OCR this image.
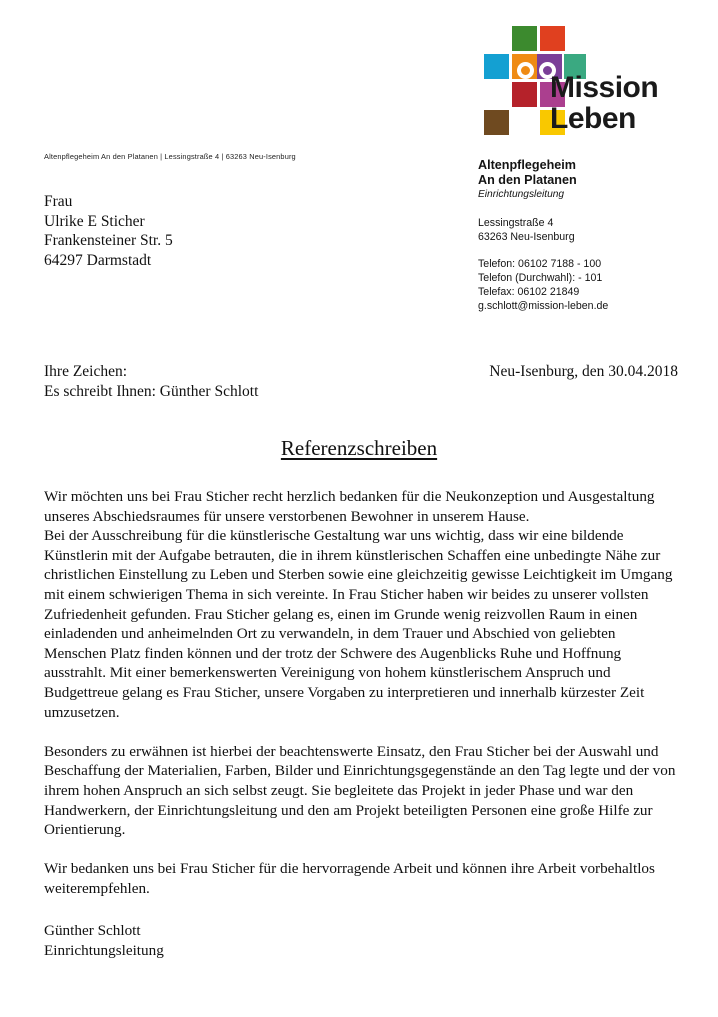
Mission
Leben
Altenpflegeheim An den Platanen | Lessingstraße 4 | 63263 Neu-Isenburg
Frau
Ulrike E Sticher
Frankensteiner Str. 5
64297 Darmstadt
Altenpflegeheim
An den Platanen
Einrichtungsleitung
Lessingstraße 4
63263 Neu-Isenburg
Telefon: 06102 7188 - 100
Telefon (Durchwahl): - 101
Telefax: 06102 21849
g.schlott@mission-leben.de
Ihre Zeichen:	Neu-Isenburg, den 30.04.2018
Es schreibt Ihnen: Günther Schlott
Referenzschreiben

Wir möchten uns bei Frau Sticher recht herzlich bedanken für die Neukonzeption und Ausgestaltung unseres Abschiedsraumes für unsere verstorbenen Bewohner in unserem Hause.

Bei der Ausschreibung für die künstlerische Gestaltung war uns wichtig, dass wir eine bildende Künstlerin mit der Aufgabe betrauten, die in ihrem künstlerischen Schaffen eine unbedingte Nähe zur christlichen Einstellung zu Leben und Sterben sowie eine gleichzeitig gewisse Leichtigkeit im Umgang mit einem schwierigen Thema in sich vereinte. In Frau Sticher haben wir beides zu unserer vollsten Zufriedenheit gefunden. Frau Sticher gelang es, einen im Grunde wenig reizvollen Raum in einen einladenden und anheimelnden Ort zu verwandeln, in dem Trauer und Abschied von geliebten Menschen Platz finden können und der trotz der Schwere des Augenblicks Ruhe und Hoffnung ausstrahlt. Mit einer bemerkenswerten Vereinigung von hohem künstlerischem Anspruch und Budgettreue gelang es Frau Sticher, unsere Vorgaben zu interpretieren und innerhalb kürzester Zeit umzusetzen.

Besonders zu erwähnen ist hierbei der beachtenswerte Einsatz, den Frau Sticher bei der Auswahl und Beschaffung der Materialien, Farben, Bilder und Einrichtungsgegenstände an den Tag legte und der von ihrem hohen Anspruch an sich selbst zeugt. Sie begleitete das Projekt in jeder Phase und war den Handwerkern, der Einrichtungsleitung und den am Projekt beteiligten Personen eine große Hilfe zur Orientierung.

Wir bedanken uns bei Frau Sticher für die hervorragende Arbeit und können ihre Arbeit vorbehaltlos weiterempfehlen.

Günther Schlott
Einrichtungsleitung
